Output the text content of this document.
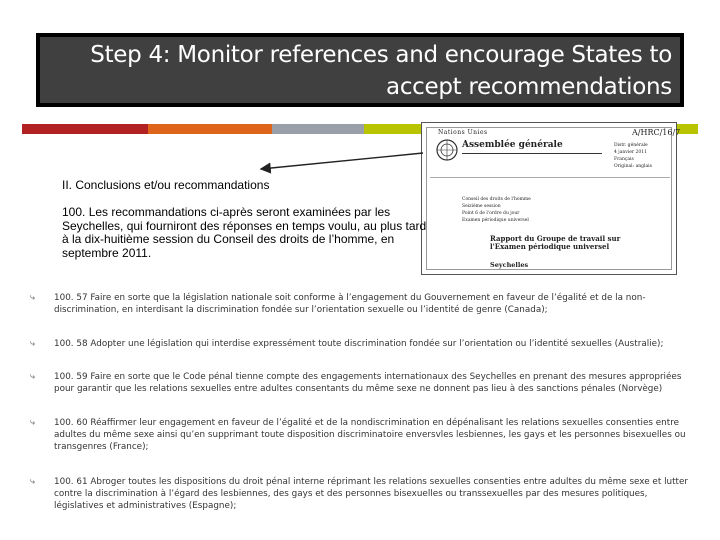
Step 4: Monitor references and encourage States to accept recommendations
Nations Unies	A/HRC/16/7
Assemblée générale	Distr. générale
4 janvier 2011
Français
Original: anglais
Conseil des droits de l'homme
Seizième session
Point 6 de l'ordre du jour
Examen périodique universel
Rapport du Groupe de travail sur l'Examen périodique universel
Seychelles
II. Conclusions et/ou recommandations
100. Les recommandations ci-après seront examinées par les Seychelles, qui fourniront des réponses en temps voulu, au plus tard à la dix-huitième session du Conseil des droits de l’homme, en septembre 2011.
⤷ 100. 57 Faire en sorte que la législation nationale soit conforme à l’engagement du Gouvernement en faveur de l’égalité et de la non-discrimination, en interdisant la discrimination fondée sur l’orientation sexuelle ou l’identité de genre (Canada);
⤷ 100. 58 Adopter une législation qui interdise expressément toute discrimination fondée sur l’orientation ou l’identité sexuelles (Australie);
⤷ 100. 59 Faire en sorte que le Code pénal tienne compte des engagements internationaux des Seychelles en prenant des mesures appropriées pour garantir que les relations sexuelles entre adultes consentants du même sexe ne donnent pas lieu à des sanctions pénales (Norvège)
⤷ 100. 60 Réaffirmer leur engagement en faveur de l’égalité et de la nondiscrimination en dépénalisant les relations sexuelles consenties entre adultes du même sexe ainsi qu’en supprimant toute disposition discriminatoire enversvles lesbiennes, les gays et les personnes bisexuelles ou transgenres (France);
⤷ 100. 61 Abroger toutes les dispositions du droit pénal interne réprimant les relations sexuelles consenties entre adultes du même sexe et lutter contre la discrimination à l’égard des lesbiennes, des gays et des personnes bisexuelles ou transsexuelles par des mesures politiques, législatives et administratives (Espagne);
